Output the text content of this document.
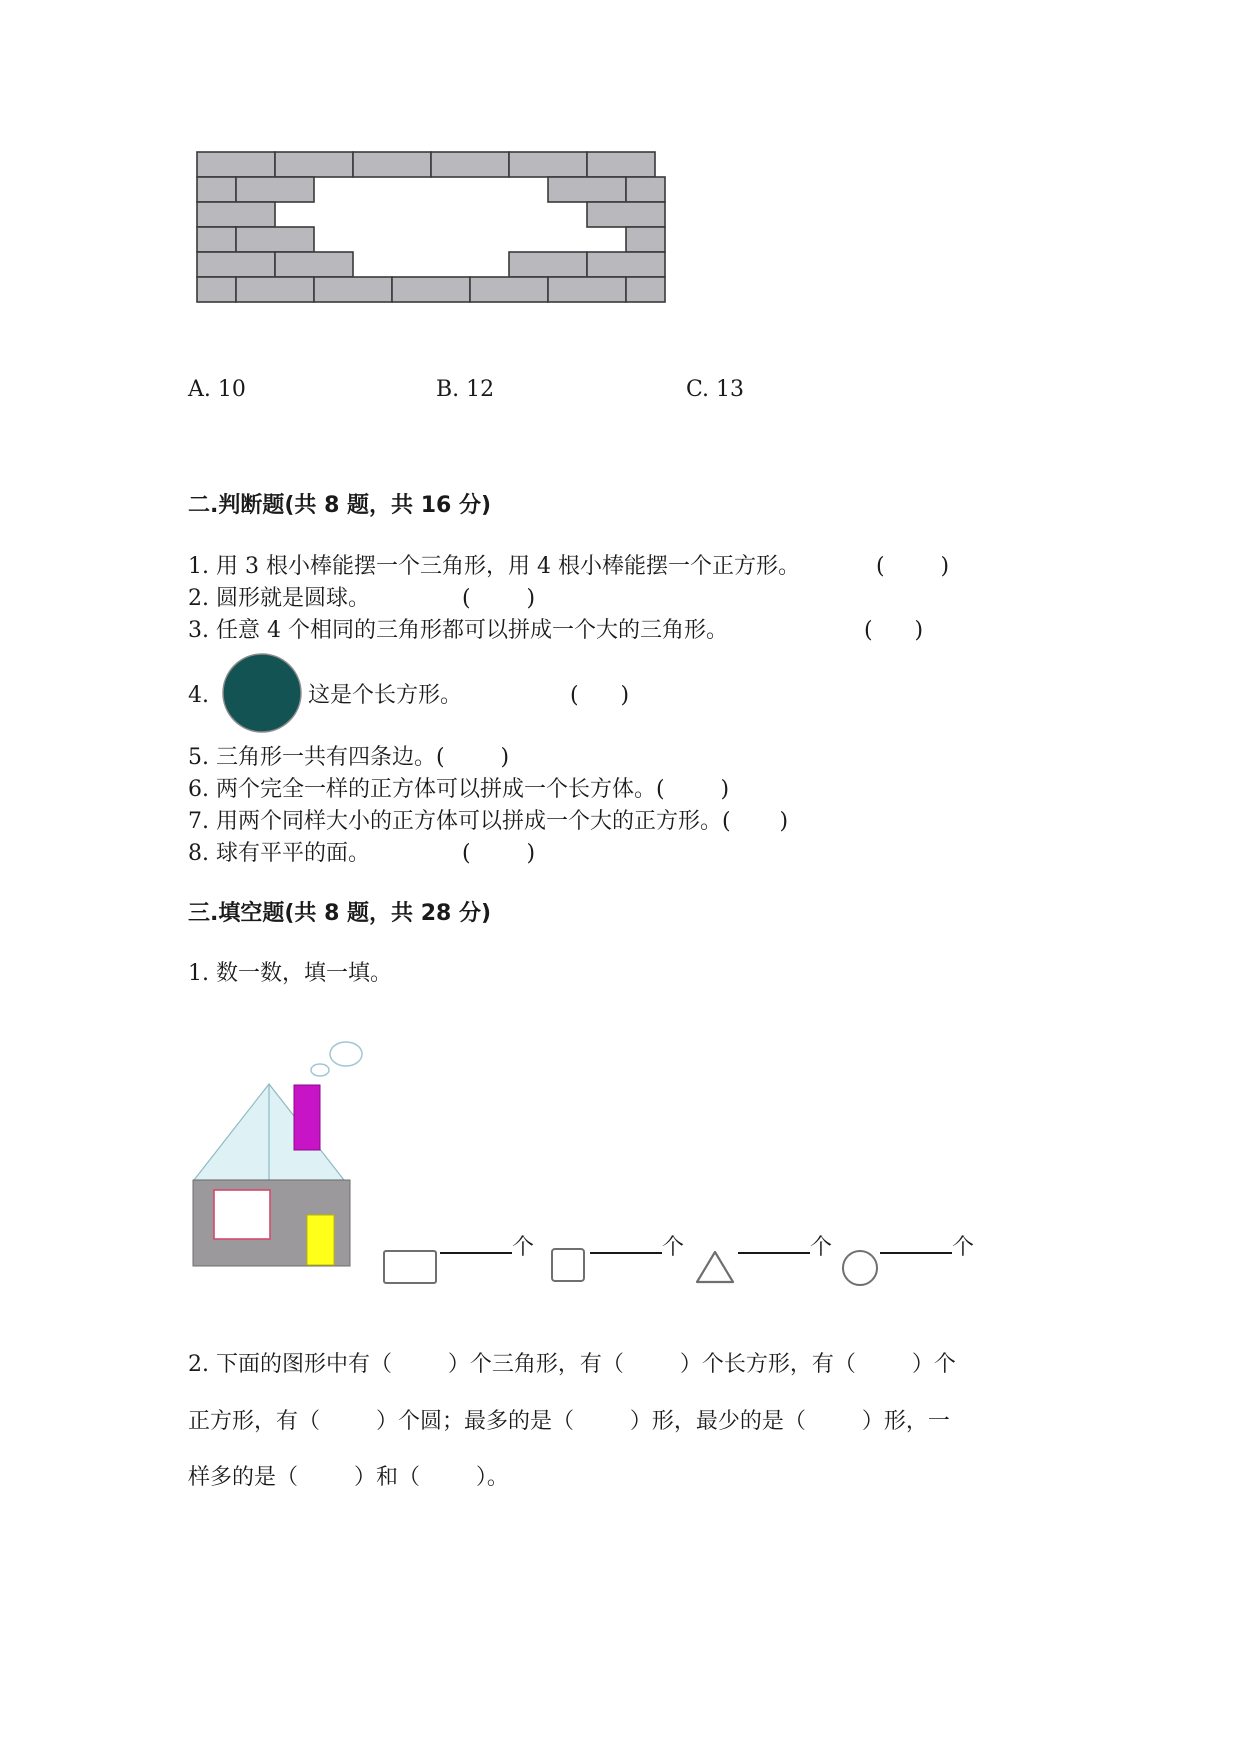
A. 10	B. 12	C. 13
二.判断题(共 8 题，共 16 分)
1. 用 3 根小棒能摆一个三角形，用 4 根小棒能摆一个正方形。	(        )
2. 圆形就是圆球。	(        )
3. 任意 4 个相同的三角形都可以拼成一个大的三角形。	(      )
4.	这是个长方形。	(      )
5. 三角形一共有四条边。(        )
6. 两个完全一样的正方体可以拼成一个长方体。(        )
7. 用两个同样大小的正方体可以拼成一个大的正方形。(       )
8. 球有平平的面。	(        )
三.填空题(共 8 题，共 28 分)
1. 数一数，填一填。
个	个	个	个
2. 下面的图形中有（        ）个三角形，有（        ）个长方形，有（        ）个
正方形，有（        ）个圆；最多的是（        ）形，最少的是（        ）形，一
样多的是（        ）和（        ）。
